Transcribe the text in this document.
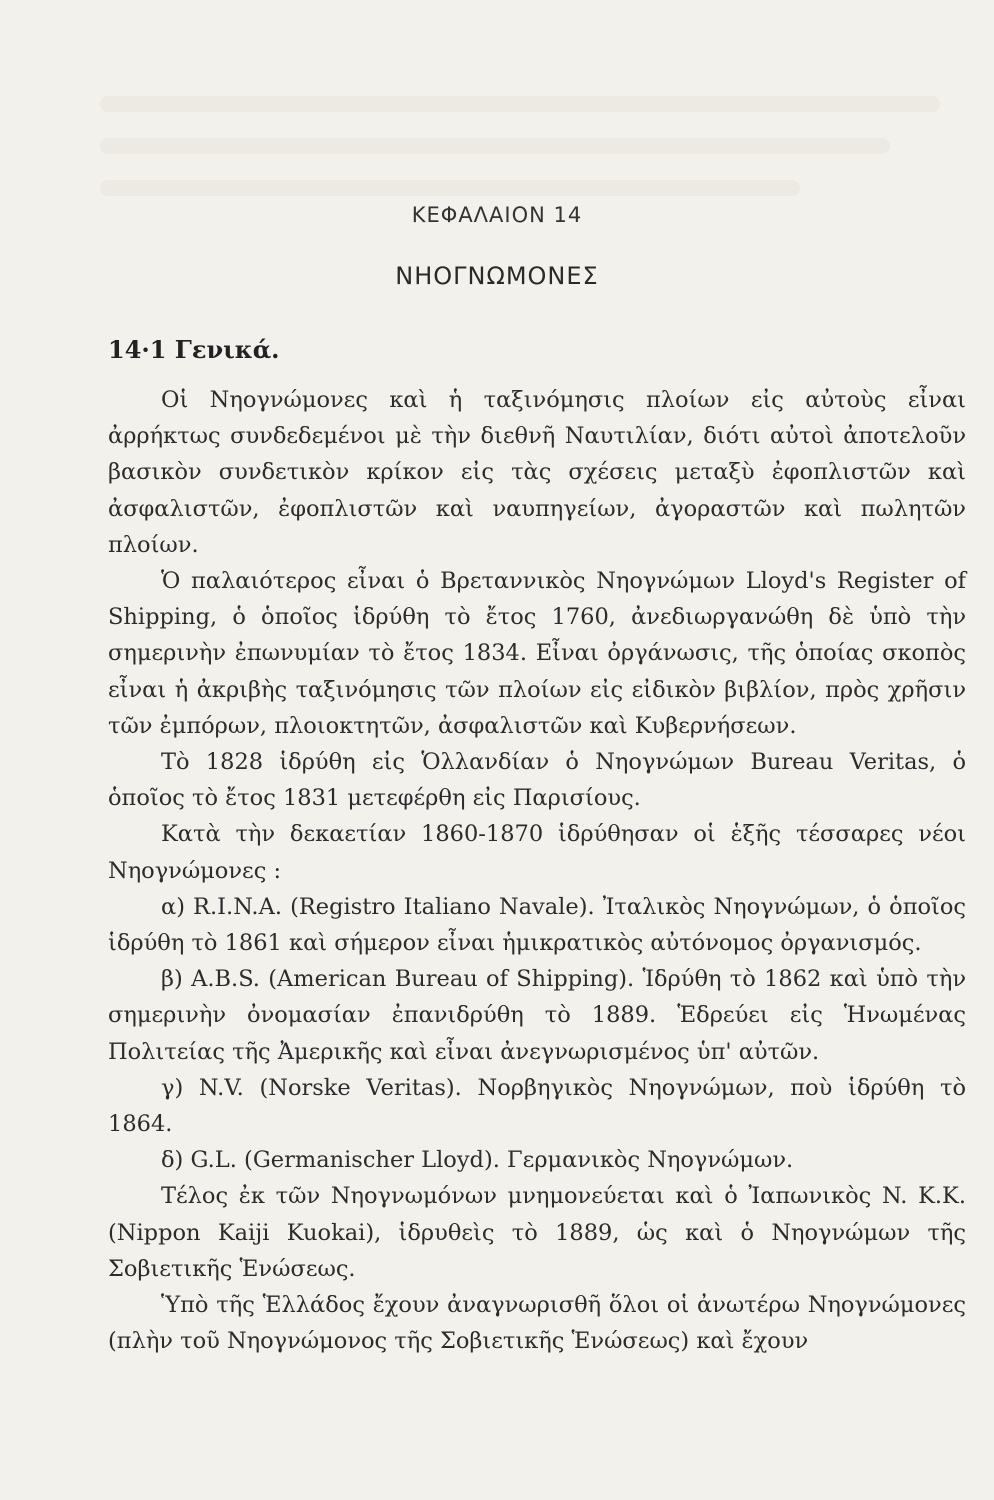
ΚΕΦΑΛΑΙΟΝ 14
ΝΗΟΓΝΩΜΟΝΕΣ
14·1 Γενικά.

Οἱ Νηογνώμονες καὶ ἡ ταξινόμησις πλοίων εἰς αὐτοὺς εἶναι ἀρρήκτως συνδεδεμένοι μὲ τὴν διεθνῆ Ναυτιλίαν, διότι αὐτοὶ ἀποτελοῦν βασικὸν συνδετικὸν κρίκον εἰς τὰς σχέσεις μεταξὺ ἐφοπλιστῶν καὶ ἀσφαλιστῶν, ἐφοπλιστῶν καὶ ναυπηγείων, ἀγοραστῶν καὶ πωλητῶν πλοίων.

Ὁ παλαιότερος εἶναι ὁ Βρεταννικὸς Νηογνώμων Lloyd's Register of Shipping, ὁ ὁποῖος ἱδρύθη τὸ ἔτος 1760, ἀνεδιωργανώθη δὲ ὑπὸ τὴν σημερινὴν ἐπωνυμίαν τὸ ἔτος 1834. Εἶναι ὀργάνωσις, τῆς ὁποίας σκοπὸς εἶναι ἡ ἀκριβὴς ταξινόμησις τῶν πλοίων εἰς εἰδικὸν βιβλίον, πρὸς χρῆσιν τῶν ἐμπόρων, πλοιοκτητῶν, ἀσφαλιστῶν καὶ Κυβερνήσεων.

Τὸ 1828 ἱδρύθη εἰς Ὁλλανδίαν ὁ Νηογνώμων Bureau Veritas, ὁ ὁποῖος τὸ ἔτος 1831 μετεφέρθη εἰς Παρισίους.

Κατὰ τὴν δεκαετίαν 1860-1870 ἱδρύθησαν οἱ ἑξῆς τέσσαρες νέοι Νηογνώμονες :

α) R.I.N.A. (Registro Italiano Navale). Ἰταλικὸς Νηογνώμων, ὁ ὁποῖος ἱδρύθη τὸ 1861 καὶ σήμερον εἶναι ἡμικρατικὸς αὐτόνομος ὀργανισμός.

β) A.B.S. (American Bureau of Shipping). Ἱδρύθη τὸ 1862 καὶ ὑπὸ τὴν σημερινὴν ὀνομασίαν ἐπανιδρύθη τὸ 1889. Ἑδρεύει εἰς Ἡνωμένας Πολιτείας τῆς Ἀμερικῆς καὶ εἶναι ἀνεγνωρισμένος ὑπ' αὐτῶν.

γ) N.V. (Norske Veritas). Νορβηγικὸς Νηογνώμων, ποὺ ἱδρύθη τὸ 1864.

δ) G.L. (Germanischer Lloyd). Γερμανικὸς Νηογνώμων.

Τέλος ἐκ τῶν Νηογνωμόνων μνημονεύεται καὶ ὁ Ἰαπωνικὸς N. K.K. (Nippon Kaiji Kuokai), ἱδρυθεὶς τὸ 1889, ὡς καὶ ὁ Νηογνώμων τῆς Σοβιετικῆς Ἑνώσεως.

Ὑπὸ τῆς Ἑλλάδος ἔχουν ἀναγνωρισθῆ ὅλοι οἱ ἀνωτέρω Νηογνώμονες (πλὴν τοῦ Νηογνώμονος τῆς Σοβιετικῆς Ἑνώσεως) καὶ ἔχουν
